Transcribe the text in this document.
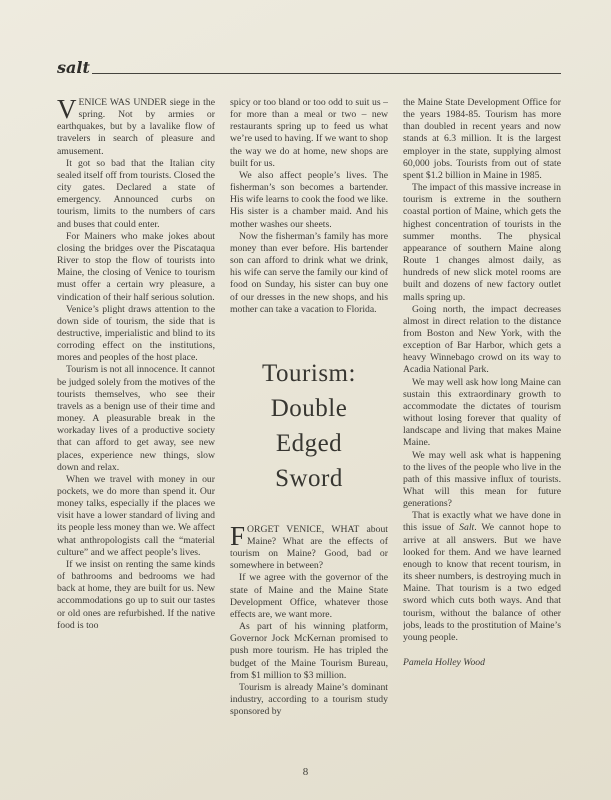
salt

VENICE WAS UNDER siege in the spring. Not by armies or earthquakes, but by a lavalike flow of travelers in search of pleasure and amusement.

It got so bad that the Italian city sealed itself off from tourists. Closed the city gates. Declared a state of emergency. Announced curbs on tourism, limits to the numbers of cars and buses that could enter.

For Mainers who make jokes about closing the bridges over the Piscataqua River to stop the flow of tourists into Maine, the closing of Venice to tourism must offer a certain wry pleasure, a vindication of their half serious solution.

Venice’s plight draws attention to the down side of tourism, the side that is destructive, imperialistic and blind to its corroding effect on the institutions, mores and peoples of the host place.

Tourism is not all innocence. It cannot be judged solely from the motives of the tourists themselves, who see their travels as a benign use of their time and money. A pleasurable break in the workaday lives of a productive society that can afford to get away, see new places, experience new things, slow down and relax.

When we travel with money in our pockets, we do more than spend it. Our money talks, especially if the places we visit have a lower standard of living and its people less money than we. We affect what anthropologists call the “material culture” and we affect people’s lives.

If we insist on renting the same kinds of bathrooms and bedrooms we had back at home, they are built for us. New accommodations go up to suit our tastes or old ones are refurbished. If the native food is too

spicy or too bland or too odd to suit us – for more than a meal or two – new restaurants spring up to feed us what we’re used to having. If we want to shop the way we do at home, new shops are built for us.

We also affect people’s lives. The fisherman’s son becomes a bartender. His wife learns to cook the food we like. His sister is a chamber maid. And his mother washes our sheets.

Now the fisherman’s family has more money than ever before. His bartender son can afford to drink what we drink, his wife can serve the family our kind of food on Sunday, his sister can buy one of our dresses in the new shops, and his mother can take a vacation to Florida.

Tourism:
Double
Edged
Sword

FORGET VENICE, WHAT about Maine? What are the effects of tourism on Maine? Good, bad or somewhere in between?

If we agree with the governor of the state of Maine and the Maine State Development Office, whatever those effects are, we want more.

As part of his winning platform, Governor Jock McKernan promised to push more tourism. He has tripled the budget of the Maine Tourism Bureau, from $1 million to $3 million.

Tourism is already Maine’s dominant industry, according to a tourism study sponsored by

the Maine State Development Office for the years 1984-85. Tourism has more than doubled in recent years and now stands at 6.3 million. It is the largest employer in the state, supplying almost 60,000 jobs. Tourists from out of state spent $1.2 billion in Maine in 1985.

The impact of this massive increase in tourism is extreme in the southern coastal portion of Maine, which gets the highest concentration of tourists in the summer months. The physical appearance of southern Maine along Route 1 changes almost daily, as hundreds of new slick motel rooms are built and dozens of new factory outlet malls spring up.

Going north, the impact decreases almost in direct relation to the distance from Boston and New York, with the exception of Bar Harbor, which gets a heavy Winnebago crowd on its way to Acadia National Park.

We may well ask how long Maine can sustain this extraordinary growth to accommodate the dictates of tourism without losing forever that quality of landscape and living that makes Maine Maine.

We may well ask what is happening to the lives of the people who live in the path of this massive influx of tourists. What will this mean for future generations?

That is exactly what we have done in this issue of Salt. We cannot hope to arrive at all answers. But we have looked for them. And we have learned enough to know that recent tourism, in its sheer numbers, is destroying much in Maine. That tourism is a two edged sword which cuts both ways. And that tourism, without the balance of other jobs, leads to the prostitution of Maine’s young people.

Pamela Holley Wood

8
